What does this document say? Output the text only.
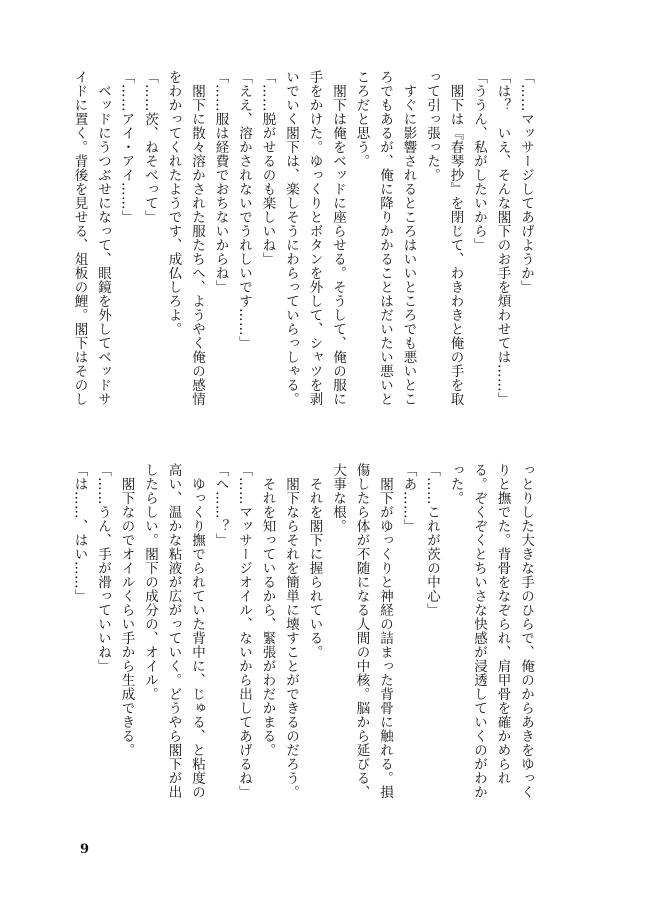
「……マッサージしてあげようか」
「は？　いえ、そんな閣下のお手を煩わせては……」
「ううん、私がしたいから」
　閣下は『春琴抄』を閉じて、わきわきと俺の手を取
って引っ張った。
　すぐに影響されるところはいいところでも悪いとこ
ろでもあるが、俺に降りかかることはだいたい悪いと
ころだと思う。
　閣下は俺をベッドに座らせる。そうして、俺の服に
手をかけた。ゆっくりとボタンを外して、シャツを剥
いでいく閣下は、楽しそうにわらっていらっしゃる。
「……脱がせるのも楽しいね」
「ええ、溶かされないでうれしいです……」
「……服は経費でおちないからね」
　閣下に散々溶かされた服たちへ、ようやく俺の感情
をわかってくれたようです、成仏しろよ。
「……茨、ねそべって」
「……アイ・アイ……」
　ベッドにうつぶせになって、眼鏡を外してベッドサ
イドに置く。背後を見せる、俎板の鯉。閣下はそのし
っとりした大きな手のひらで、俺のからあきをゆっく
りと撫でた。背骨をなぞられ、肩甲骨を確かめられ
る。ぞくぞくとちいさな快感が浸透していくのがわか
った。
「……これが茨の中心」
「あ……」
　閣下がゆっくりと神経の詰まった背骨に触れる。損
傷したら体が不随になる人間の中核。脳から延びる、
大事な根。
　それを閣下に握られている。
　閣下ならそれを簡単に壊すことができるのだろう。
　それを知っているから、緊張がわだかまる。
「……マッサージオイル、ないから出してあげるね」
「へ……？」
　ゆっくり撫でられていた背中に、じゅる、と粘度の
高い、温かな粘液が広がっていく。どうやら閣下が出
したらしい。閣下の成分の、オイル。
　閣下なのでオイルくらい手から生成できる。
「……うん、手が滑っていいね」
「は……、はい……」
9
